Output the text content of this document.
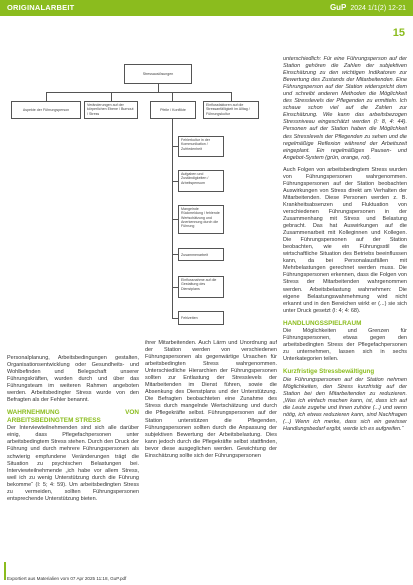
ORIGINALARBEIT	GuP 2024 1/1(2) 12-21
15
Stressauslösungen
Aspekte der Führungsperson
Veränderungen auf der körperlichen Ebene / Burnout / Stress
Pfeile / Konflikte
Einflussfaktoren auf die Stressanfälligkeit im Alltag / Führungskultur
Fehlerkultur in der Kommunikation / Zufriedenheit
Aufgaben und Zuständigkeiten / Arbeitspensum
Mangelnde Rückmeldung / fehlende Wertschätzung und Anerkennung durch die Führung
Zusammenarbeit
Einflussnahme auf die Gestaltung des Dienstplans
Fehlzeiten

Personalplanung, Arbeitsbedingungen gestalten, Organisationsentwicklung oder Gesundheits- und Wohlbefinden und Belegschaft unserer Führungskräften, wurden durch und über das Führungsteam im weiteren Rahmen angeboten werden. Arbeitsbedingter Stress wurde von den Befragten als der Fehler benannt.

WAHRNEHMUNG VON ARBEITSBEDINGTEM STRESS

Der Interviewteilnehmenden sind sich alle darüber einig, dass Pflegefachpersonen unter arbeitsbedingtem Stress stehen. Durch den Druck der Führung und durch mehrere Führungspersonen als schwierig empfundene Veränderungen trägt die Situation zu psychischen Belastungen bei. Interviewteilnehmende „ich habe vor allem Stress, weil ich zu wenig Unterstützung durch die Führung bekomme“ (I: 5; 4: 59). Um arbeitsbedingten Stress zu vermeiden, sollten Führungspersonen entsprechende Unterstützung bieten.

ihrer Mitarbeitenden. Auch Lärm und Unordnung auf der Station werden von verschiedenen Führungspersonen als gegenwärtige Ursachen für arbeitsbedingten Stress wahrgenommen. Unterschiedliche Hierarchien der Führungspersonen sollten zur Entlastung der Stresslevels der Mitarbeitenden im Dienst führen, sowie die Absenkung des Dienstplans und der Unterstützung. Die Befragten beobachteten eine Zunahme des Stress durch mangelnde Wertschätzung und durch die Pflegekräfte selbst. Führungspersonen auf der Station unterstützen die Pflegenden, Führungspersonen sollten durch die Anpassung der subjektiven Bewertung der Arbeitsbelastung. Dies kann jedoch durch die Pflegekräfte selbst stattfinden, bevor diese ausgeglichen werden. Gewichtung der Einschätzung sollte sich der Führungspersonen

unterschiedlich: Für eine Führungsperson auf der Station gehören die Zahlen der subjektiven Einschätzung zu den wichtigen Indikatoren zur Bewertung des Zustands der Mitarbeitenden. Eine Führungsperson auf der Station widerspricht dem und schreibt anderen Methoden die Möglichkeit des Stresslevels der Pflegenden zu ermitteln. Ich schaue schon viel auf die Zahlen zur Einschätzung. Wie kann das arbeitsbezogen Stressniveau eingeschätzt werden (I: 8, 4: 44). Personen auf der Station haben die Möglichkeit des Stresslevels der Pflegenden zu sehen und die regelmäßige Reflexion während der Arbeitszeit eingeplant. Ein regelmäßiges Pausen- und Angebot-System (grün, orange, rot).

Auch Folgen von arbeitsbedingtem Stress wurden von Führungspersonen wahrgenommen. Führungspersonen auf der Station beobachten Auswirkungen von Stress direkt am Verhalten der Mitarbeitenden. Diese Personen werden z. B. Krankheitsabsenzen und Fluktuation von verschiedenen Führungspersonen in der Zusammenhang mit Stress und Belastung gebracht. Das hat Auswirkungen auf die Zusammenarbeit mit Kolleginnen und Kollegen. Die Führungspersonen auf der Station beobachten, wie ein Führungsstil die wirtschaftliche Situation des Betriebs beeinflussen kann, da bei Personalausfällen mit Mehrbelastungen gerechnet werden muss. Die Führungspersonen erkennen, dass die Folgen von Stress der Mitarbeitenden wahrgenommen werden. Arbeitsbelastung wahrnehmen: Die eigene Belastungswahrnehmung wird nicht erkannt und in den Bereichen wirkt er (...) sie sich unter Druck gesetzt (I: 4; 4: 68).

HANDLUNGSSPIELRAUM

Die Möglichkeiten und Grenzen für Führungspersonen, etwas gegen den arbeitsbedingten Stress der Pflegefachpersonen zu unternehmen, lassen sich in sechs Unterkategorien teilen.

Kurzfristige Stressbewältigung

Die Führungspersonen auf der Station nehmen Möglichkeiten, den Stress kurzfristig auf der Station bei den Mitarbeitenden zu reduzieren. „Was ich einfach machen kann, ist, dass ich auf die Leute zugehe und ihnen zuhöre (...) und wenn nötig, ich etwas reduzieren kann, sind Nachfragen (...) Wenn ich merke, dass sich ein gewisser Handlungsbedarf ergibt, werde ich es aufgreifen.“

Exportiert aus Materialien vom 07 Apr 2025 11:18, GuP.pdf
